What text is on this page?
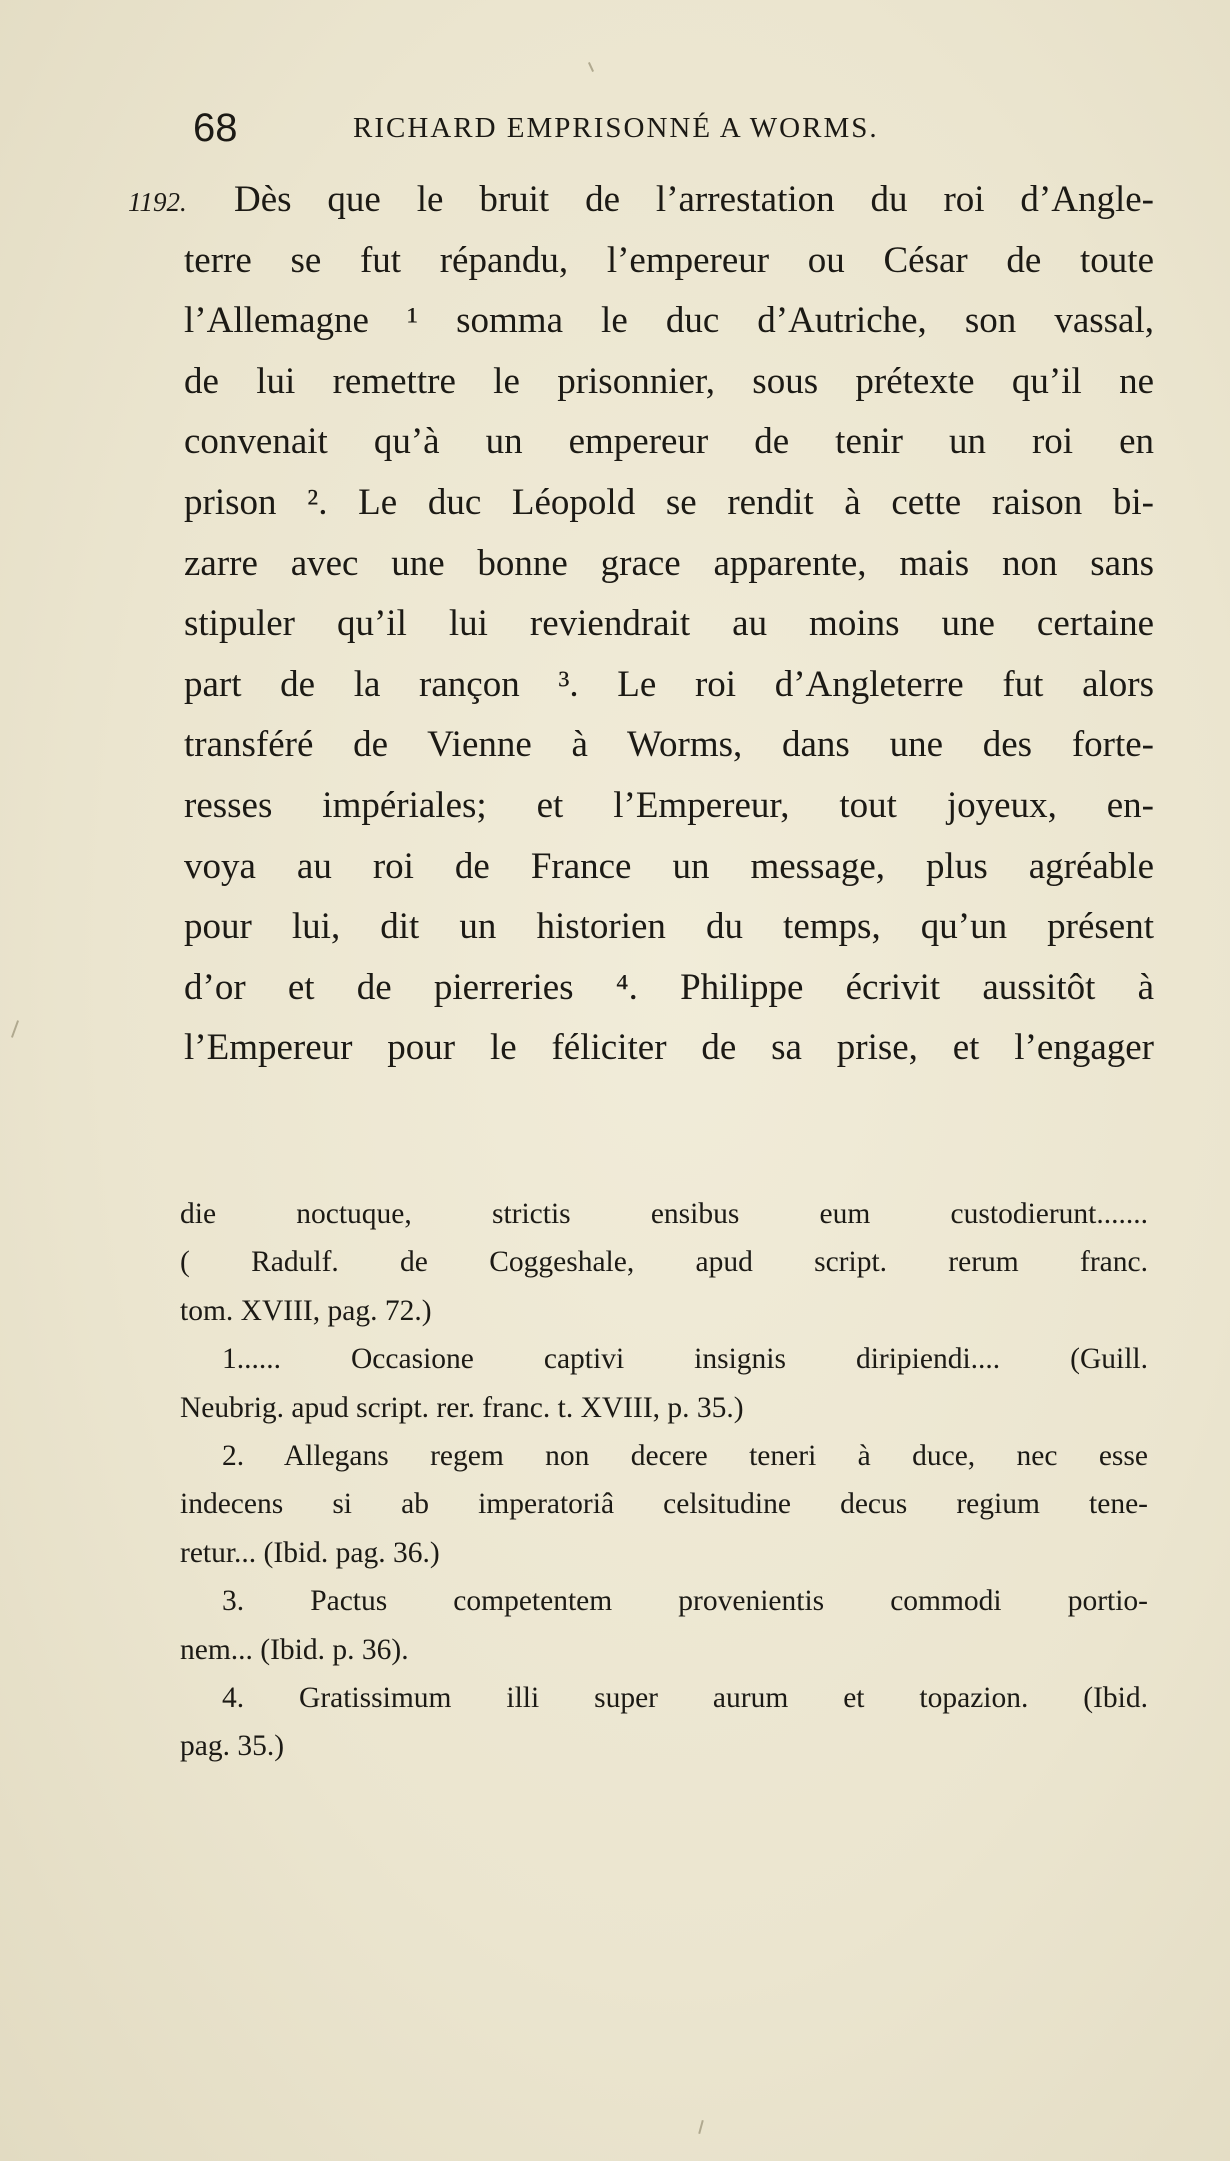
68	RICHARD EMPRISONNÉ A WORMS.
1192.	Dès que le bruit de l’arrestation du roi d’Angle-
terre se fut répandu, l’empereur ou César de toute
l’Allemagne ¹ somma le duc d’Autriche, son vassal,
de lui remettre le prisonnier, sous prétexte qu’il ne
convenait qu’à un empereur de tenir un roi en
prison ². Le duc Léopold se rendit à cette raison bi-
zarre avec une bonne grace apparente, mais non sans
stipuler qu’il lui reviendrait au moins une certaine
part de la rançon ³. Le roi d’Angleterre fut alors
transféré de Vienne à Worms, dans une des forte-
resses impériales; et l’Empereur, tout joyeux, en-
voya au roi de France un message, plus agréable
pour lui, dit un historien du temps, qu’un présent
d’or et de pierreries ⁴. Philippe écrivit aussitôt à
l’Empereur pour le féliciter de sa prise, et l’engager
die noctuque, strictis ensibus eum custodierunt.......
( Radulf. de Coggeshale, apud script. rerum franc.
tom. XVIII, pag. 72.)
1...... Occasione captivi insignis diripiendi.... (Guill.
Neubrig. apud script. rer. franc. t. XVIII, p. 35.)
2. Allegans regem non decere teneri à duce, nec esse
indecens si ab imperatoriâ celsitudine decus regium tene-
retur... (Ibid. pag. 36.)
3. Pactus competentem provenientis commodi portio-
nem... (Ibid. p. 36).
4. Gratissimum illi super aurum et topazion. (Ibid.
pag. 35.)
